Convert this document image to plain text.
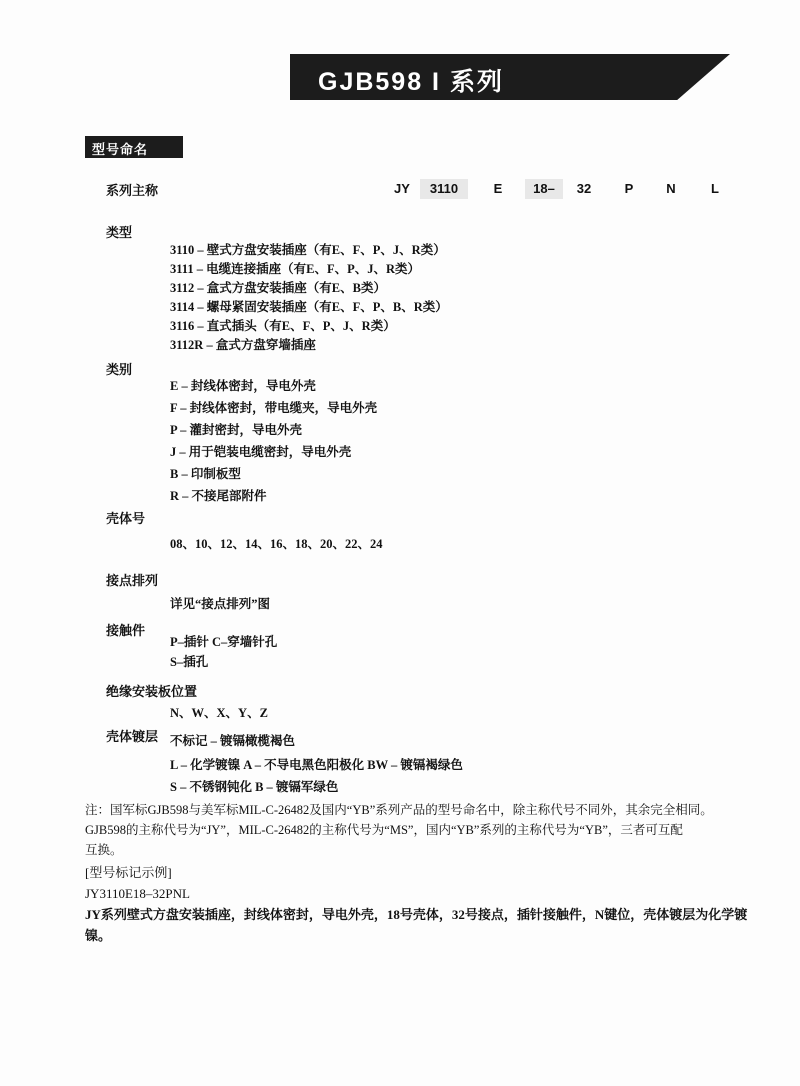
GJB598 I 系列
型号命名
系列主称	JY	3110	E	18–	32	P	N	L
类型
3110 – 壁式方盘安装插座（有E、F、P、J、R类）
3111 – 电缆连接插座（有E、F、P、J、R类）
3112 – 盒式方盘安装插座（有E、B类）
3114 – 螺母紧固安装插座（有E、F、P、B、R类）
3116 – 直式插头（有E、F、P、J、R类）
3112R – 盒式方盘穿墙插座
类别
E – 封线体密封，导电外壳
F – 封线体密封，带电缆夹，导电外壳
P – 灌封密封，导电外壳
J – 用于铠装电缆密封，导电外壳
B – 印制板型
R – 不接尾部附件
壳体号
08、10、12、14、16、18、20、22、24
接点排列
详见“接点排列”图
接触件
P–插针 C–穿墙针孔
S–插孔
绝缘安装板位置
N、W、X、Y、Z
壳体镀层 不标记 – 镀镉橄榄褐色
L – 化学镀镍 A – 不导电黑色阳极化 BW – 镀镉褐绿色
S – 不锈钢钝化 B – 镀镉军绿色
注：国军标GJB598与美军标MIL-C-26482及国内“YB”系列产品的型号命名中，除主称代号不同外，其余完全相同。
GJB598的主称代号为“JY”，MIL-C-26482的主称代号为“MS”，国内“YB”系列的主称代号为“YB”，三者可互配
互换。
[型号标记示例]
JY3110E18–32PNL
JY系列壁式方盘安装插座，封线体密封，导电外壳，18号壳体，32号接点，插针接触件，N键位，壳体镀层为化学镀
镍。
